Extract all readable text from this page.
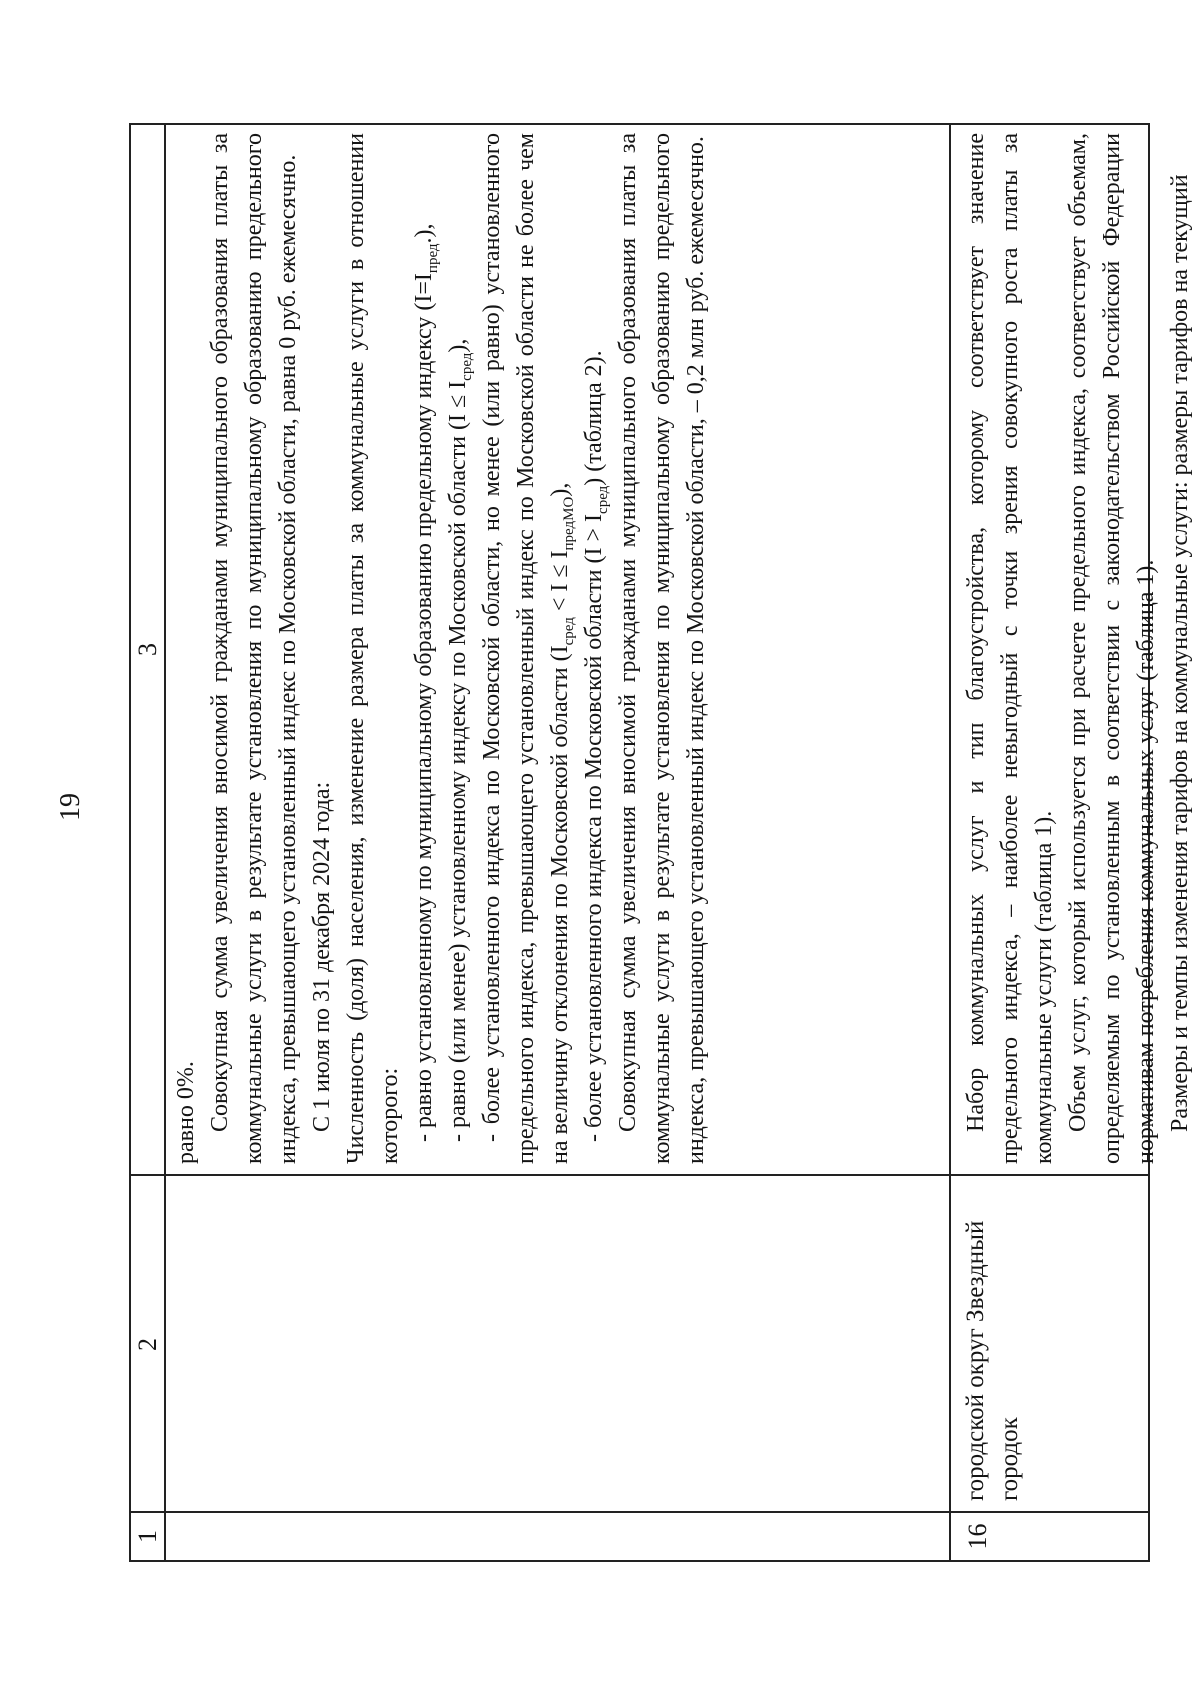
19
1
2
3

равно 0%. Совокупная сумма увеличения вносимой гражданами муниципального образования платы за коммунальные услуги в результате установления по муниципальному образованию предельного индекса, превышающего установленный индекс по Московской области, равна 0 руб. ежемесячно. С 1 июля по 31 декабря 2024 года: Численность (доля) населения, изменение размера платы за коммунальные услуги в отношении которого: - равно установленному по муниципальному образованию предельному индексу $(I=I_{пред}.)$,

- равно (или менее) установленному индексу по Московской области $(I \le I_{сред})$, - более установленного индекса по Московской области, но менее (или равно) установленного предельного индекса, превышающего установленный индекс по Московской области не более чем на величину отклонения по Московской области $(I_{сред} < I \le I_{предМО})$,

- более установленного индекса по Московской области $(I > I_{сред})$ (таблица 2). Совокупная сумма увеличения вносимой гражданами муниципального образования платы за коммунальные услуги в результате установления по муниципальному образованию предельного индекса, превышающего установленный индекс по Московской области, – 0,2 млн руб. ежемесячно.

16
городской округ Звездный городок

Набор коммунальных услуг и тип благоустройства, которому соответствует значение предельного индекса, – наиболее невыгодный с точки зрения совокупного роста платы за коммунальные услуги (таблица 1). Объем услуг, который используется при расчете предельного индекса, соответствует объемам, определяемым по установленным в соответствии с законодательством Российской Федерации нормативам потребления коммунальных услуг (таблица 1). Размеры и темпы изменения тарифов на коммунальные услуги: размеры тарифов на текущий
